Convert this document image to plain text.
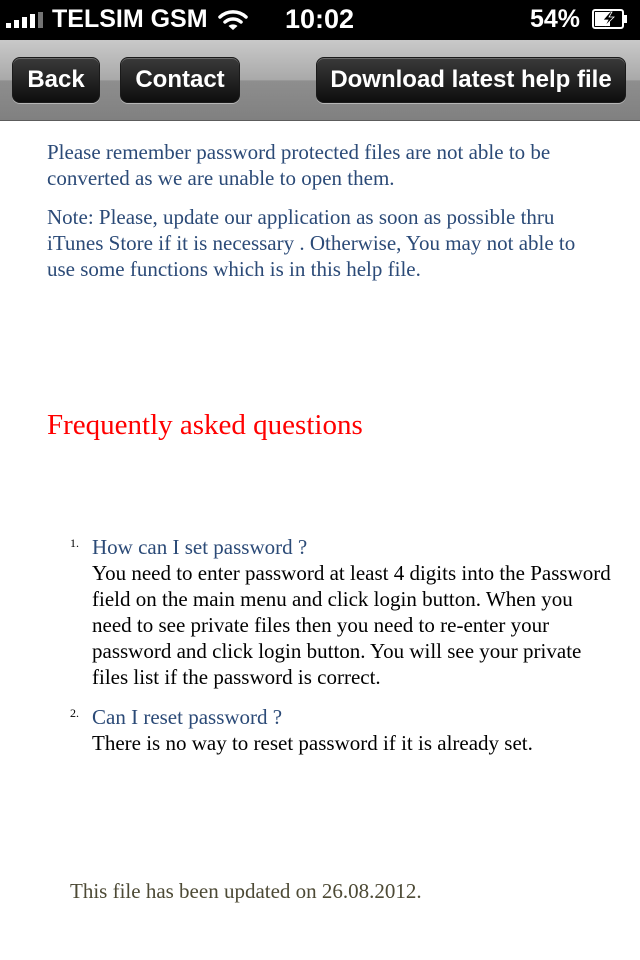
TELSIM GSM	10:02	54%
Back	Contact	Download latest help file

Please remember password protected files are not able to be converted as we are unable to open them.

Note: Please, update our application as soon as possible thru iTunes Store if it is necessary . Otherwise, You may not able to use some functions which is in this help file.

Frequently asked questions
1. How can I set password ?
You need to enter password at least 4 digits into the Password field on the main menu and click login button. When you need to see private files then you need to re-enter your password and click login button. You will see your private files list if the password is correct.
2. Can I reset password ?
There is no way to reset password if it is already set.

This file has been updated on 26.08.2012.
